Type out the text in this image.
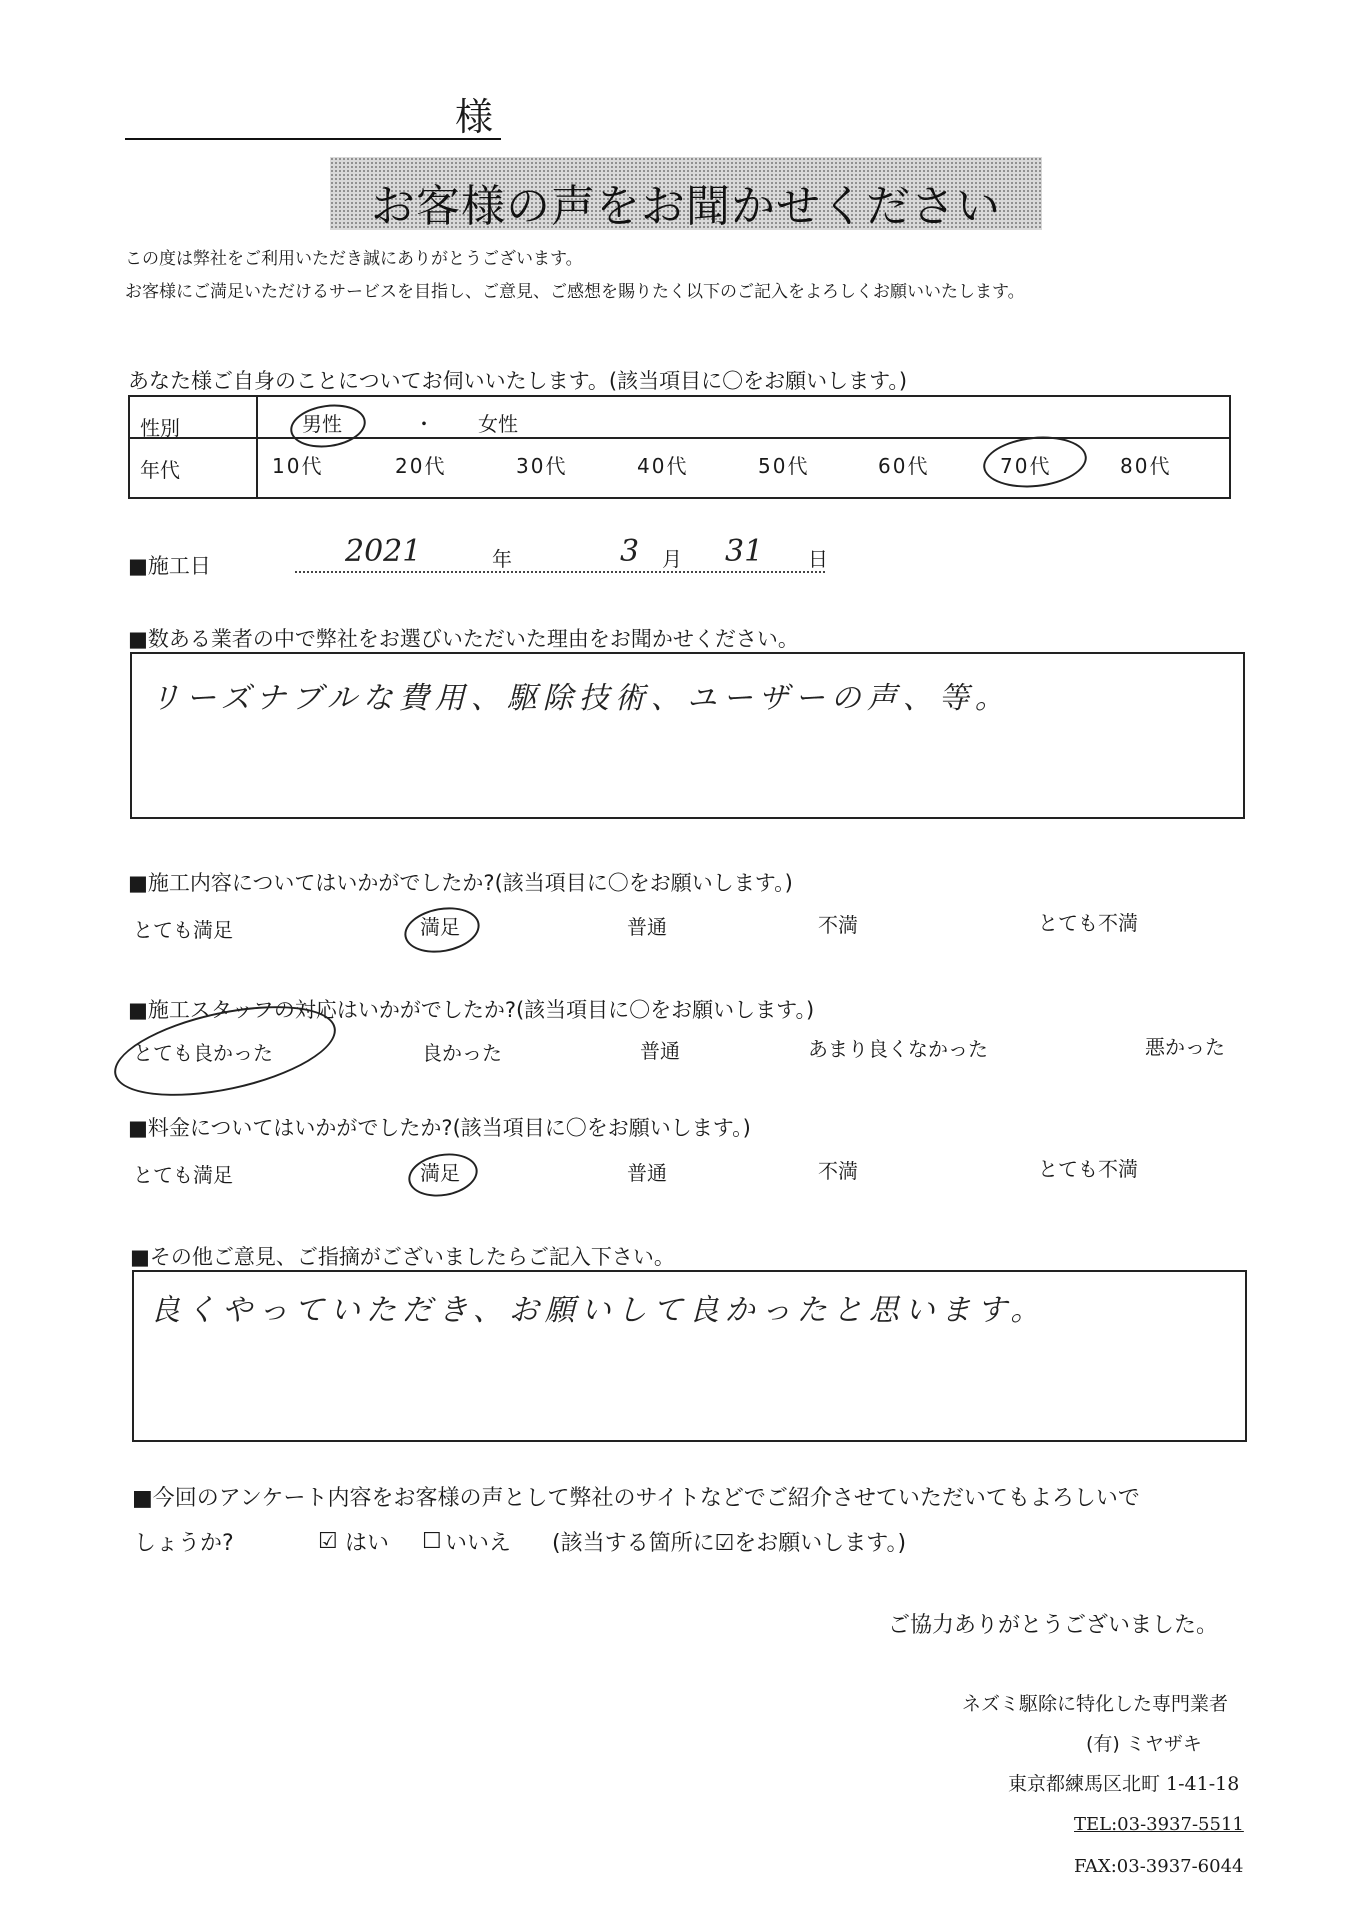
様
お客様の声をお聞かせください
この度は弊社をご利用いただき誠にありがとうございます。
お客様にご満足いただけるサービスを目指し、ご意見、ご感想を賜りたく以下のご記入をよろしくお願いいたします。
あなた様ご自身のことについてお伺いいたします。(該当項目に〇をお願いします。)
性別	男性	・ 女性
年代	10代	20代	30代	40代	50代	60代	70代	80代
■施工日	2021	年	3 月 31 日
■数ある業者の中で弊社をお選びいただいた理由をお聞かせください。
リーズナブルな費用、駆除技術、ユーザーの声、等。
■施工内容についてはいかがでしたか?(該当項目に〇をお願いします。)
とても満足	満足	普通	不満	とても不満
■施工スタッフの対応はいかがでしたか?(該当項目に〇をお願いします。)
とても良かった	良かった	普通	あまり良くなかった	悪かった
■料金についてはいかがでしたか?(該当項目に〇をお願いします。)
とても満足	満足	普通	不満	とても不満
■その他ご意見、ご指摘がございましたらご記入下さい。
良くやっていただき、お願いして良かったと思います。
■今回のアンケート内容をお客様の声として弊社のサイトなどでご紹介させていただいてもよろしいで
しょうか?	☑ はい ☐ いいえ (該当する箇所に☑をお願いします。)
ご協力ありがとうございました。
ネズミ駆除に特化した専門業者
(有) ミヤザキ
東京都練馬区北町 1-41-18
TEL:03-3937-5511
FAX:03-3937-6044
